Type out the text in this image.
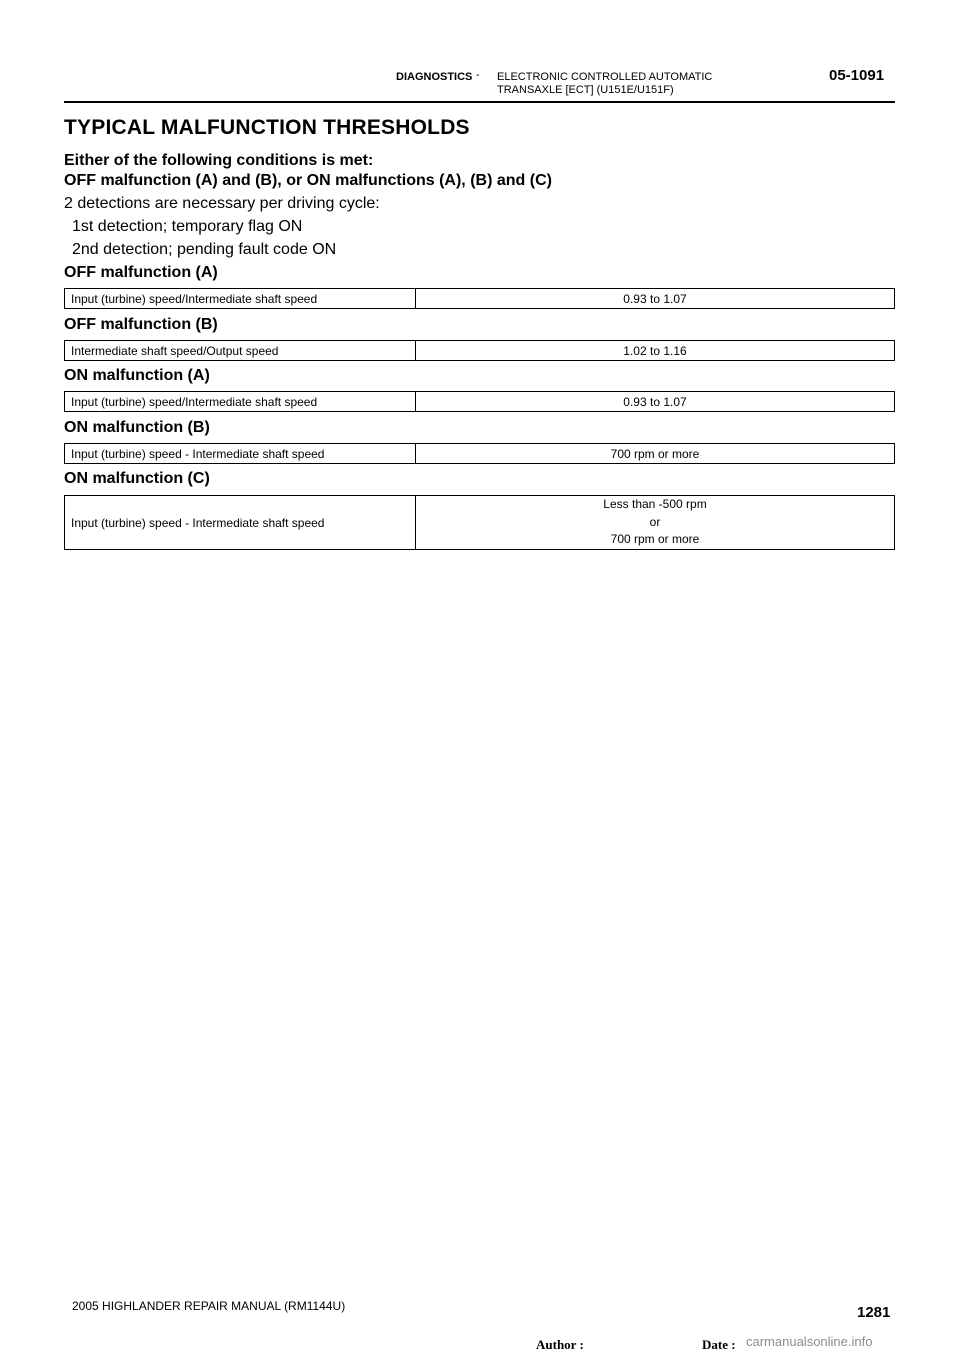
DIAGNOSTICS - ELECTRONIC CONTROLLED AUTOMATIC
TRANSAXLE [ECT] (U151E/U151F)
05-1091
TYPICAL MALFUNCTION THRESHOLDS
Either of the following conditions is met:
OFF malfunction (A) and (B), or ON malfunctions (A), (B) and (C)
2 detections are necessary per driving cycle:
1st detection; temporary flag ON
2nd detection; pending fault code ON
OFF malfunction (A)
Input (turbine) speed/Intermediate shaft speed	0.93 to 1.07
OFF malfunction (B)
Intermediate shaft speed/Output speed	1.02 to 1.16
ON malfunction (A)
Input (turbine) speed/Intermediate shaft speed	0.93 to 1.07
ON malfunction (B)
Input (turbine) speed - Intermediate shaft speed	700 rpm or more
ON malfunction (C)
Input (turbine) speed - Intermediate shaft speed	
Less than -500 rpm
or
700 rpm or more
2005 HIGHLANDER REPAIR MANUAL (RM1144U)	1281
Author :	Date : carmanualsonline.info
